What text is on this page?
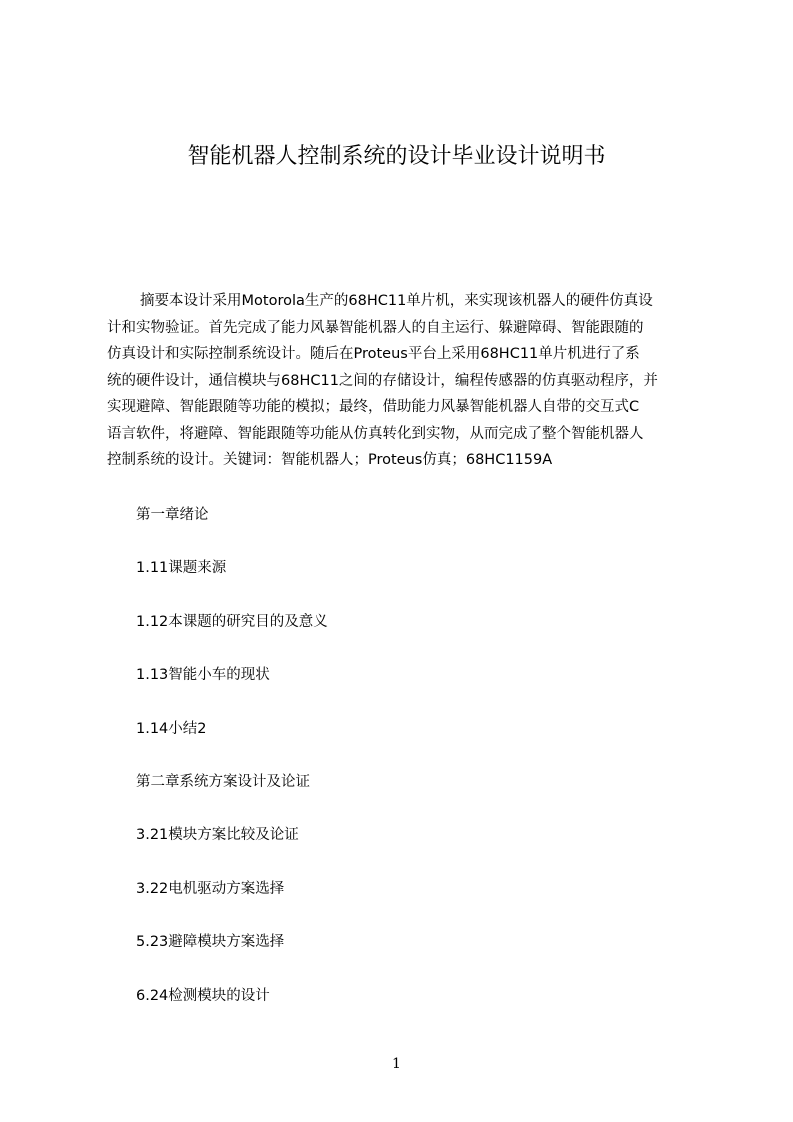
智能机器人控制系统的设计毕业设计说明书
摘要本设计采用Motorola生产的68HC11单片机，来实现该机器人的硬件仿真设
计和实物验证。首先完成了能力风暴智能机器人的自主运行、躲避障碍、智能跟随的
仿真设计和实际控制系统设计。随后在Proteus平台上采用68HC11单片机进行了系
统的硬件设计，通信模块与68HC11之间的存储设计，编程传感器的仿真驱动程序，并
实现避障、智能跟随等功能的模拟；最终，借助能力风暴智能机器人自带的交互式C
语言软件，将避障、智能跟随等功能从仿真转化到实物，从而完成了整个智能机器人
控制系统的设计。关键词：智能机器人；Proteus仿真；68HC1159A
第一章绪论
1.11课题来源
1.12本课题的研究目的及意义
1.13智能小车的现状
1.14小结2
第二章系统方案设计及论证
3.21模块方案比较及论证
3.22电机驱动方案选择
5.23避障模块方案选择
6.24检测模块的设计
1
